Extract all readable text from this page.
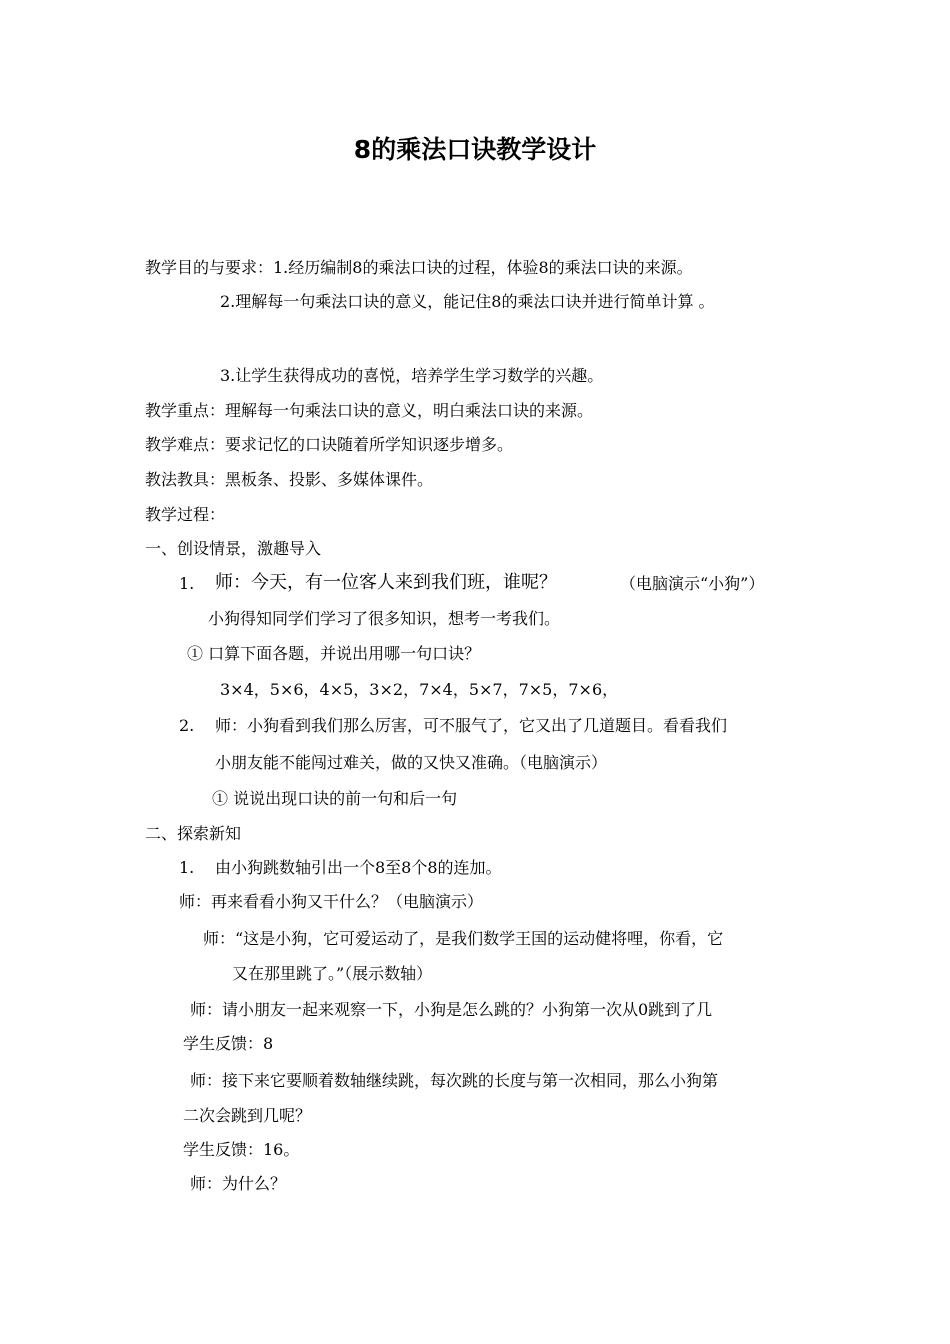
8的乘法口诀教学设计
教学目的与要求：1.经历编制8的乘法口诀的过程，体验8的乘法口诀的来源。
2.理解每一句乘法口诀的意义，能记住8的乘法口诀并进行简单计算 。
3.让学生获得成功的喜悦，培养学生学习数学的兴趣。
教学重点：理解每一句乘法口诀的意义，明白乘法口诀的来源。
教学难点：要求记忆的口诀随着所学知识逐步增多。
教法教具：黑板条、投影、多媒体课件。
教学过程：
一、创设情景，激趣导入
1. 师：今天，有一位客人来到我们班，谁呢？	（电脑演示“小狗”）
小狗得知同学们学习了很多知识，想考一考我们。
① 口算下面各题，并说出用哪一句口诀？
3×4，5×6，4×5，3×2，7×4，5×7，7×5，7×6，
2. 师：小狗看到我们那么厉害，可不服气了，它又出了几道题目。看看我们
小朋友能不能闯过难关，做的又快又准确。（电脑演示）
① 说说出现口诀的前一句和后一句
二、探索新知
1. 由小狗跳数轴引出一个8至8个8的连加。
师：再来看看小狗又干什么？（电脑演示）
师：“这是小狗，它可爱运动了，是我们数学王国的运动健将哩，你看，它
又在那里跳了。”（展示数轴）
师：请小朋友一起来观察一下，小狗是怎么跳的？小狗第一次从0跳到了几
学生反馈：8
师：接下来它要顺着数轴继续跳，每次跳的长度与第一次相同，那么小狗第
二次会跳到几呢？
学生反馈：16。
师：为什么？
